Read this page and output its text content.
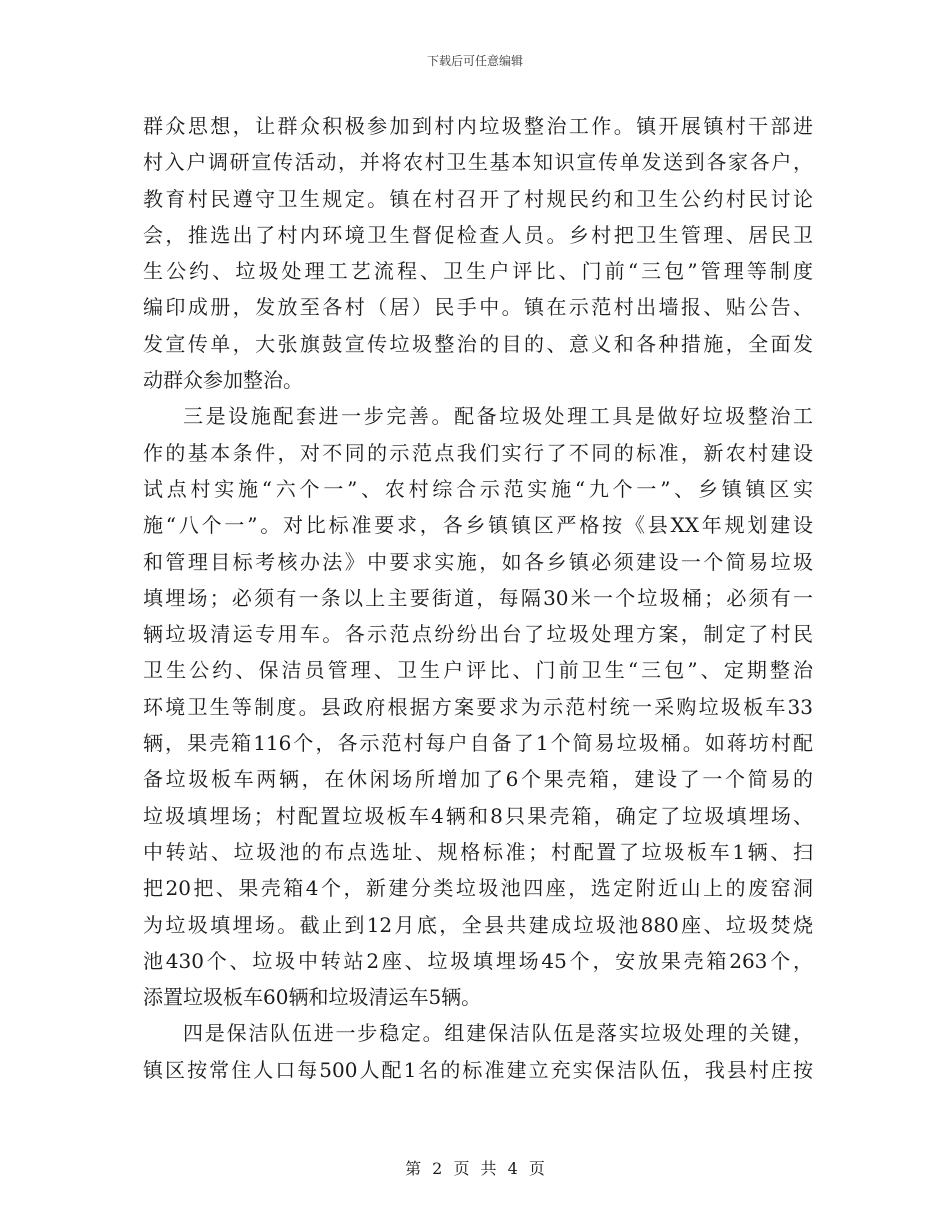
下载后可任意编辑

群众思想，让群众积极参加到村内垃圾整治工作。镇开展镇村干部进
村入户调研宣传活动，并将农村卫生基本知识宣传单发送到各家各户，
教育村民遵守卫生规定。镇在村召开了村规民约和卫生公约村民讨论
会，推选出了村内环境卫生督促检查人员。乡村把卫生管理、居民卫
生公约、垃圾处理工艺流程、卫生户评比、门前“三包”管理等制度
编印成册，发放至各村（居）民手中。镇在示范村出墙报、贴公告、
发宣传单，大张旗鼓宣传垃圾整治的目的、意义和各种措施，全面发
动群众参加整治。

三是设施配套进一步完善。配备垃圾处理工具是做好垃圾整治工
作的基本条件，对不同的示范点我们实行了不同的标准，新农村建设
试点村实施“六个一”、农村综合示范实施“九个一”、乡镇镇区实
施“八个一”。对比标准要求，各乡镇镇区严格按《县XX年规划建设
和管理目标考核办法》中要求实施，如各乡镇必须建设一个简易垃圾
填埋场；必须有一条以上主要街道，每隔30米一个垃圾桶；必须有一
辆垃圾清运专用车。各示范点纷纷出台了垃圾处理方案，制定了村民
卫生公约、保洁员管理、卫生户评比、门前卫生“三包”、定期整治
环境卫生等制度。县政府根据方案要求为示范村统一采购垃圾板车33
辆，果壳箱116个，各示范村每户自备了1个简易垃圾桶。如蒋坊村配
备垃圾板车两辆，在休闲场所增加了6个果壳箱，建设了一个简易的
垃圾填埋场；村配置垃圾板车4辆和8只果壳箱，确定了垃圾填埋场、
中转站、垃圾池的布点选址、规格标准；村配置了垃圾板车1辆、扫
把20把、果壳箱4个，新建分类垃圾池四座，选定附近山上的废窑洞
为垃圾填埋场。截止到12月底，全县共建成垃圾池880座、垃圾焚烧
池430个、垃圾中转站2座、垃圾填埋场45个，安放果壳箱263个，
添置垃圾板车60辆和垃圾清运车5辆。

四是保洁队伍进一步稳定。组建保洁队伍是落实垃圾处理的关键，
镇区按常住人口每500人配1名的标准建立充实保洁队伍，我县村庄按

第 2 页 共 4 页
